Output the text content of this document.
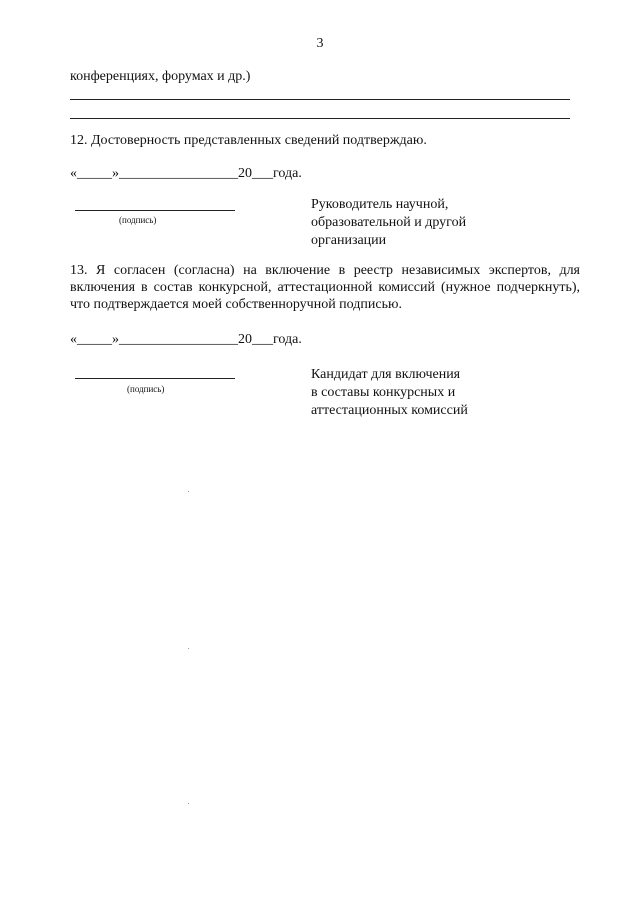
3
конференциях, форумах и др.)
12. Достоверность представленных сведений подтверждаю.
«_____»_________________20___года.
(подпись)
Руководитель научной,
образовательной и другой
организации
13. Я согласен (согласна) на включение в реестр независимых экспертов, для включения в состав конкурсной, аттестационной комиссий (нужное подчеркнуть), что подтверждается моей собственноручной подписью.
«_____»_________________20___года.
(подпись)
Кандидат для включения
в составы конкурсных и
аттестационных комиссий
